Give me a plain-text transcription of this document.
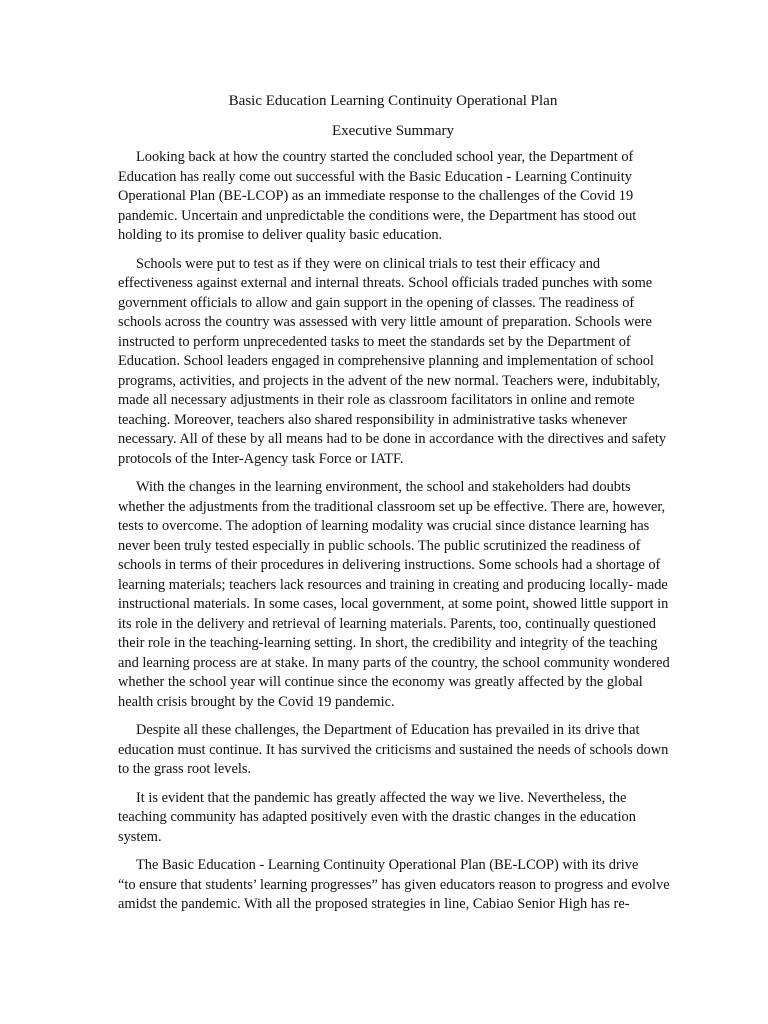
Basic Education Learning Continuity Operational Plan

Executive Summary

Looking back at how the country started the concluded school year, the Department of
Education has really come out successful with the Basic Education - Learning Continuity
Operational Plan (BE-LCOP) as an immediate response to the challenges of the Covid 19
pandemic. Uncertain and unpredictable the conditions were, the Department has stood out
holding to its promise to deliver quality basic education.

Schools were put to test as if they were on clinical trials to test their efficacy and
effectiveness against external and internal threats. School officials traded punches with some
government officials to allow and gain support in the opening of classes. The readiness of
schools across the country was assessed with very little amount of preparation. Schools were
instructed to perform unprecedented tasks to meet the standards set by the Department of
Education. School leaders engaged in comprehensive planning and implementation of school
programs, activities, and projects in the advent of the new normal. Teachers were, indubitably,
made all necessary adjustments in their role as classroom facilitators in online and remote
teaching. Moreover, teachers also shared responsibility in administrative tasks whenever
necessary. All of these by all means had to be done in accordance with the directives and safety
protocols of the Inter-Agency task Force or IATF.

With the changes in the learning environment, the school and stakeholders had doubts
whether the adjustments from the traditional classroom set up be effective. There are, however,
tests to overcome. The adoption of learning modality was crucial since distance learning has
never been truly tested especially in public schools. The public scrutinized the readiness of
schools in terms of their procedures in delivering instructions. Some schools had a shortage of
learning materials; teachers lack resources and training in creating and producing locally- made
instructional materials. In some cases, local government, at some point, showed little support in
its role in the delivery and retrieval of learning materials. Parents, too, continually questioned
their role in the teaching-learning setting. In short, the credibility and integrity of the teaching
and learning process are at stake. In many parts of the country, the school community wondered
whether the school year will continue since the economy was greatly affected by the global
health crisis brought by the Covid 19 pandemic.

Despite all these challenges, the Department of Education has prevailed in its drive that
education must continue. It has survived the criticisms and sustained the needs of schools down
to the grass root levels.

It is evident that the pandemic has greatly affected the way we live. Nevertheless, the
teaching community has adapted positively even with the drastic changes in the education
system.

The Basic Education - Learning Continuity Operational Plan (BE-LCOP) with its drive
“to ensure that students’ learning progresses” has given educators reason to progress and evolve
amidst the pandemic. With all the proposed strategies in line, Cabiao Senior High has re-
